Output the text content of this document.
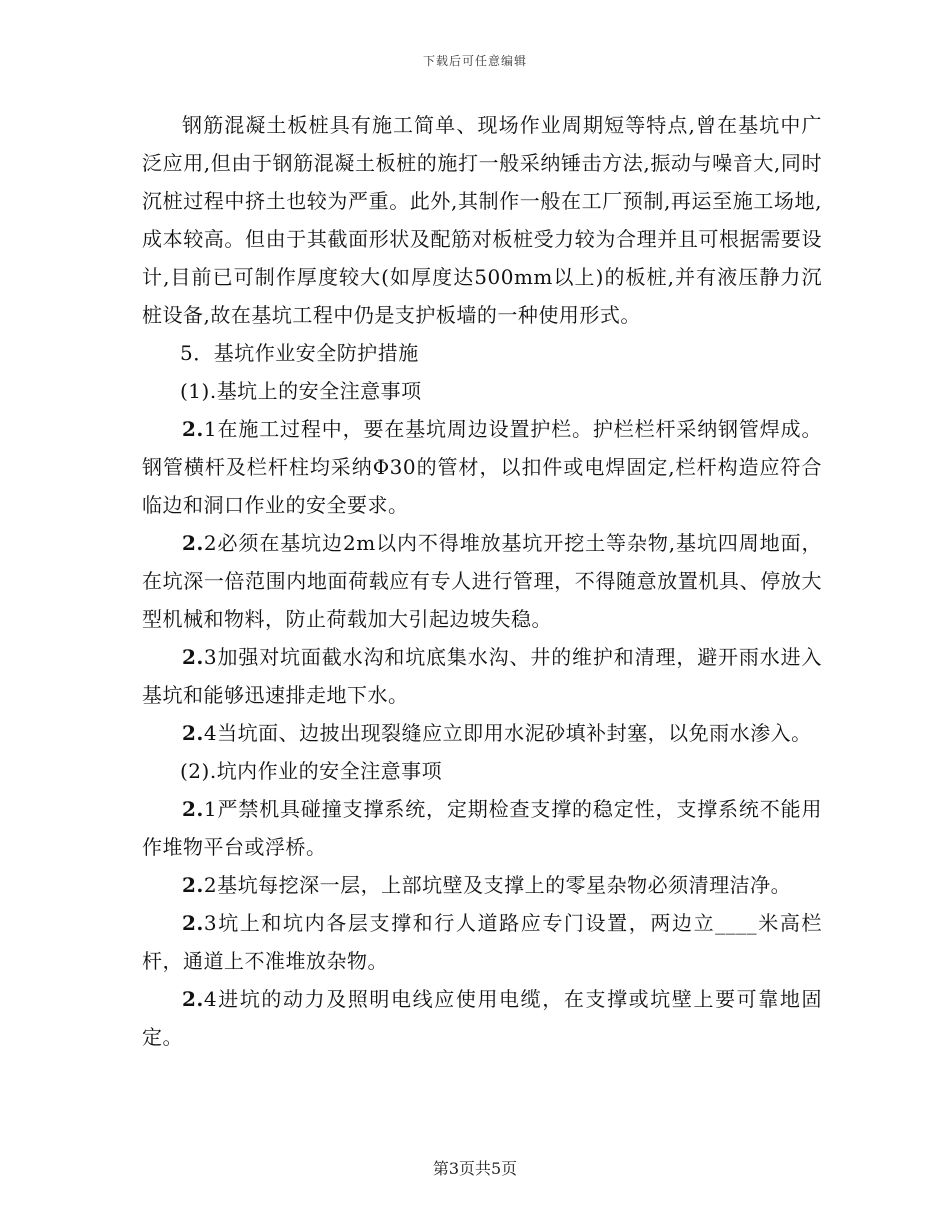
下载后可任意编辑

钢筋混凝土板桩具有施工简单、现场作业周期短等特点,曾在基坑中广泛应用,但由于钢筋混凝土板桩的施打一般采纳锤击方法,振动与噪音大,同时沉桩过程中挤土也较为严重。此外,其制作一般在工厂预制,再运至施工场地,成本较高。但由于其截面形状及配筋对板桩受力较为合理并且可根据需要设计,目前已可制作厚度较大(如厚度达500mm以上)的板桩,并有液压静力沉桩设备,故在基坑工程中仍是支护板墙的一种使用形式。

5．基坑作业安全防护措施

(1).基坑上的安全注意事项

2.1在施工过程中，要在基坑周边设置护栏。护栏栏杆采纳钢管焊成。钢管横杆及栏杆柱均采纳Φ30的管材，以扣件或电焊固定,栏杆构造应符合临边和洞口作业的安全要求。

2.2必须在基坑边2m以内不得堆放基坑开挖土等杂物,基坑四周地面，在坑深一倍范围内地面荷载应有专人进行管理，不得随意放置机具、停放大型机械和物料，防止荷载加大引起边坡失稳。

2.3加强对坑面截水沟和坑底集水沟、井的维护和清理，避开雨水进入基坑和能够迅速排走地下水。

2.4当坑面、边披出现裂缝应立即用水泥砂填补封塞，以免雨水渗入。

(2).坑内作业的安全注意事项

2.1严禁机具碰撞支撑系统，定期检查支撑的稳定性，支撑系统不能用作堆物平台或浮桥。

2.2基坑每挖深一层，上部坑壁及支撑上的零星杂物必须清理洁净。

2.3坑上和坑内各层支撑和行人道路应专门设置，两边立____米高栏杆，通道上不准堆放杂物。

2.4进坑的动力及照明电线应使用电缆，在支撑或坑壁上要可靠地固定。

第3页共5页
